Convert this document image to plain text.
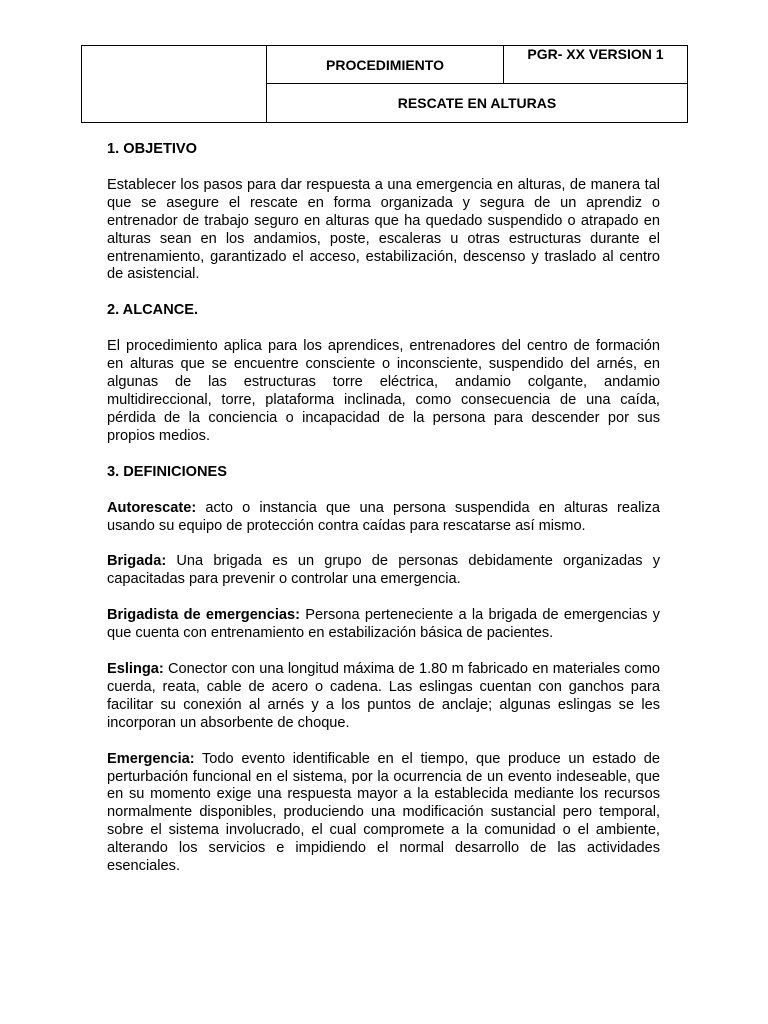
	PROCEDIMIENTO	PGR- XX VERSION 1
RESCATE EN ALTURAS
1. OBJETIVO

Establecer los pasos para dar respuesta a una emergencia en alturas, de manera tal que se asegure el rescate en forma organizada y segura de un aprendiz o entrenador de trabajo seguro en alturas que ha quedado suspendido o atrapado en alturas sean en los andamios, poste, escaleras u otras estructuras durante el entrenamiento, garantizado el acceso, estabilización, descenso y traslado al centro de asistencial.

2. ALCANCE.

El procedimiento aplica para los aprendices, entrenadores del centro de formación en alturas que se encuentre consciente o inconsciente, suspendido del arnés, en algunas de las estructuras torre eléctrica, andamio colgante, andamio multidireccional, torre, plataforma inclinada, como consecuencia de una caída, pérdida de la conciencia o incapacidad de la persona para descender por sus propios medios.

3. DEFINICIONES

Autorescate: acto o instancia que una persona suspendida en alturas realiza usando su equipo de protección contra caídas para rescatarse así mismo.

Brigada: Una brigada es un grupo de personas debidamente organizadas y capacitadas para prevenir o controlar una emergencia.

Brigadista de emergencias: Persona perteneciente a la brigada de emergencias y que cuenta con entrenamiento en estabilización básica de pacientes.

Eslinga: Conector con una longitud máxima de 1.80 m fabricado en materiales como cuerda, reata, cable de acero o cadena. Las eslingas cuentan con ganchos para facilitar su conexión al arnés y a los puntos de anclaje; algunas eslingas se les incorporan un absorbente de choque.

Emergencia: Todo evento identificable en el tiempo, que produce un estado de perturbación funcional en el sistema, por la ocurrencia de un evento indeseable, que en su momento exige una respuesta mayor a la establecida mediante los recursos normalmente disponibles, produciendo una modificación sustancial pero temporal, sobre el sistema involucrado, el cual compromete a la comunidad o el ambiente, alterando los servicios e impidiendo el normal desarrollo de las actividades esenciales.
